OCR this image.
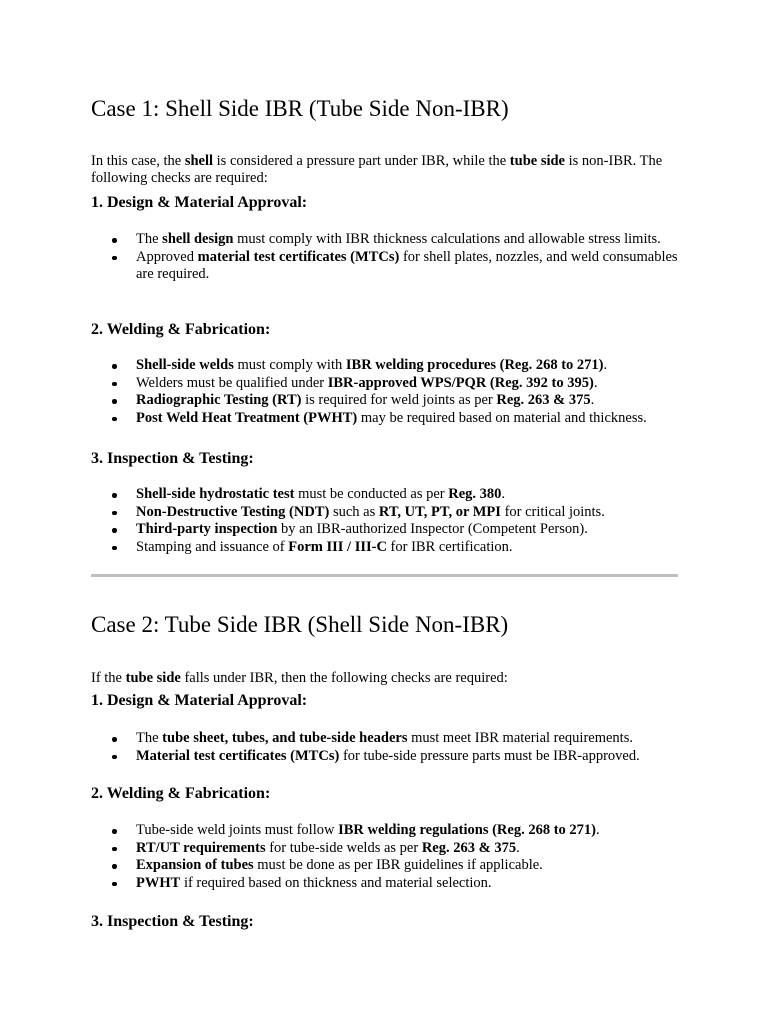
Case 1: Shell Side IBR (Tube Side Non-IBR)

In this case, the shell is considered a pressure part under IBR, while the tube side is non-IBR. The following checks are required:

1. Design & Material Approval:
The shell design must comply with IBR thickness calculations and allowable stress limits.
Approved material test certificates (MTCs) for shell plates, nozzles, and weld consumables are required.
2. Welding & Fabrication:
Shell-side welds must comply with IBR welding procedures (Reg. 268 to 271).
Welders must be qualified under IBR-approved WPS/PQR (Reg. 392 to 395).
Radiographic Testing (RT) is required for weld joints as per Reg. 263 & 375.
Post Weld Heat Treatment (PWHT) may be required based on material and thickness.
3. Inspection & Testing:
Shell-side hydrostatic test must be conducted as per Reg. 380.
Non-Destructive Testing (NDT) such as RT, UT, PT, or MPI for critical joints.
Third-party inspection by an IBR-authorized Inspector (Competent Person).
Stamping and issuance of Form III / III-C for IBR certification.
Case 2: Tube Side IBR (Shell Side Non-IBR)

If the tube side falls under IBR, then the following checks are required:

1. Design & Material Approval:
The tube sheet, tubes, and tube-side headers must meet IBR material requirements.
Material test certificates (MTCs) for tube-side pressure parts must be IBR-approved.
2. Welding & Fabrication:
Tube-side weld joints must follow IBR welding regulations (Reg. 268 to 271).
RT/UT requirements for tube-side welds as per Reg. 263 & 375.
Expansion of tubes must be done as per IBR guidelines if applicable.
PWHT if required based on thickness and material selection.
3. Inspection & Testing:
